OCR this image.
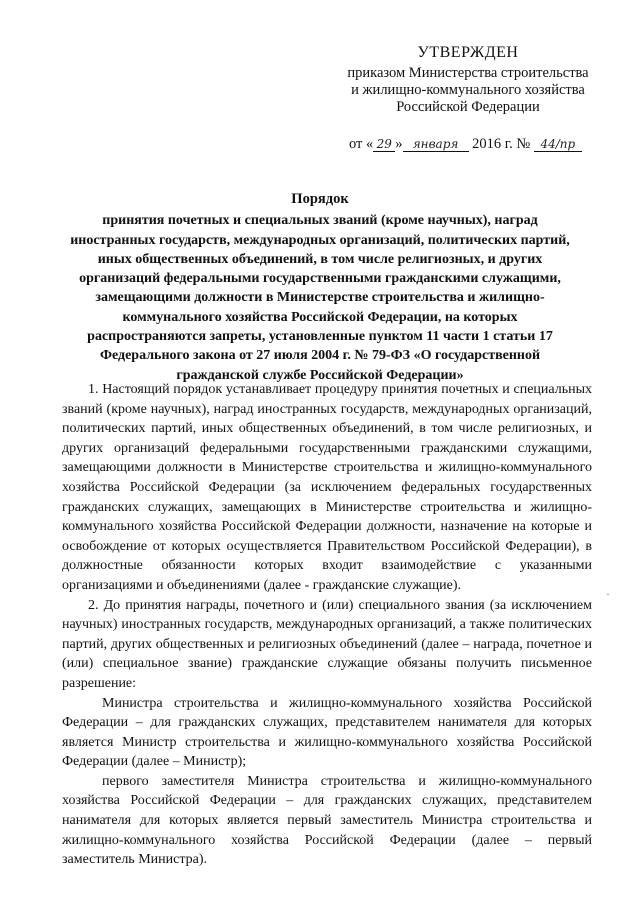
УТВЕРЖДЕН
приказом Министерства строительства
и жилищно-коммунального хозяйства
Российской Федерации
от « 29 » января 2016 г. № 44/пр
Порядок
принятия почетных и специальных званий (кроме научных), наград
иностранных государств, международных организаций, политических партий,
иных общественных объединений, в том числе религиозных, и других
организаций федеральными государственными гражданскими служащими,
замещающими должности в Министерстве строительства и жилищно-
коммунального хозяйства Российской Федерации, на которых
распространяются запреты, установленные пунктом 11 части 1 статьи 17
Федерального закона от 27 июля 2004 г. № 79-ФЗ «О государственной
гражданской службе Российской Федерации»

1. Настоящий порядок устанавливает процедуру принятия почетных и специальных званий (кроме научных), наград иностранных государств, международных организаций, политических партий, иных общественных объединений, в том числе религиозных, и других организаций федеральными государственными гражданскими служащими, замещающими должности в Министерстве строительства и жилищно-коммунального хозяйства Российской Федерации (за исключением федеральных государственных гражданских служащих, замещающих в Министерстве строительства и жилищно-коммунального хозяйства Российской Федерации должности, назначение на которые и освобождение от которых осуществляется Правительством Российской Федерации), в должностные обязанности которых входит взаимодействие с указанными организациями и объединениями (далее - гражданские служащие).

2. До принятия награды, почетного и (или) специального звания (за исключением научных) иностранных государств, международных организаций, а также политических партий, других общественных и религиозных объединений (далее – награда, почетное и (или) специальное звание) гражданские служащие обязаны получить письменное разрешение:

Министра строительства и жилищно-коммунального хозяйства Российской Федерации – для гражданских служащих, представителем нанимателя для которых является Министр строительства и жилищно-коммунального хозяйства Российской Федерации (далее – Министр);

первого заместителя Министра строительства и жилищно-коммунального хозяйства Российской Федерации – для гражданских служащих, представителем нанимателя для которых является первый заместитель Министра строительства и жилищно-коммунального хозяйства Российской Федерации (далее – первый заместитель Министра).

·
